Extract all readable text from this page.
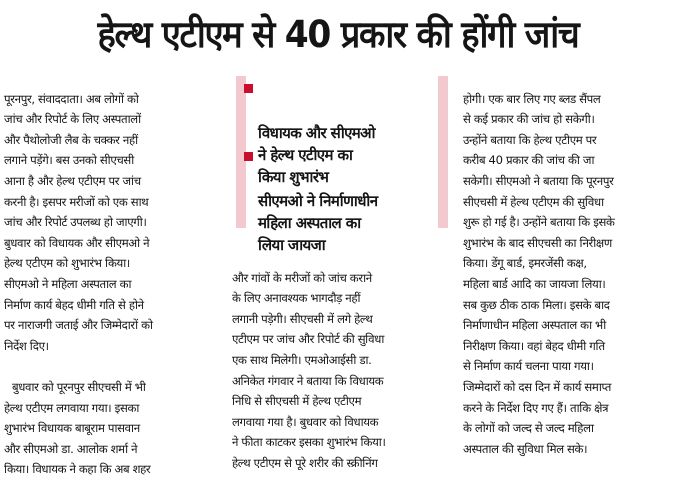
हेल्थ एटीएम से 40 प्रकार की होंगी जांच

पूरनपुर, संवाददाता। अब लोगों को
जांच और रिपोर्ट के लिए अस्पतालों
और पैथोलोजी लैब के चक्कर नहीं
लगाने पड़ेंगे। बस उनको सीएचसी
आना है और हेल्थ एटीएम पर जांच
करनी है। इसपर मरीजों को एक साथ
जांच और रिपोर्ट उपलब्ध हो जाएगी।
बुधवार को विधायक और सीएमओ ने
हेल्थ एटीएम को शुभारंभ किया।
सीएमओ ने महिला अस्पताल का
निर्माण कार्य बेहद धीमी गति से होने
पर नाराजगी जताई और जिम्मेदारों को
निर्देश दिए।

बुधवार को पूरनपुर सीएचसी में भी
हेल्थ एटीएम लगवाया गया। इसका
शुभारंभ विधायक बाबूराम पासवान
और सीएमओ डा. आलोक शर्मा ने
किया। विधायक ने कहा कि अब शहर

विधायक और सीएमओ
ने हेल्थ एटीएम का
किया शुभारंभ

सीएमओ ने निर्माणाधीन
महिला अस्पताल का
लिया जायजा

और गांवों के मरीजों को जांच कराने
के लिए अनावश्यक भागदौड़ नहीं
लगानी पड़ेगी। सीएचसी में लगे हेल्थ
एटीएम पर जांच और रिपोर्ट की सुविधा
एक साथ मिलेगी। एमओआईसी डा.
अनिकेत गंगवार ने बताया कि विधायक
निधि से सीएचसी में हेल्थ एटीएम
लगवाया गया है। बुधवार को विधायक
ने फीता काटकर इसका शुभारंभ किया।
हेल्थ एटीएम से पूरे शरीर की स्क्रीनिंग

होगी। एक बार लिए गए ब्लड सैंपल
से कई प्रकार की जांच हो सकेगी।
उन्होंने बताया कि हेल्थ एटीएम पर
करीब 40 प्रकार की जांच की जा
सकेगी। सीएमओ ने बताया कि पूरनपुर
सीएचसी में हेल्थ एटीएम की सुविधा
शुरू हो गई है। उन्होंने बताया कि इसके
शुभारंभ के बाद सीएचसी का निरीक्षण
किया। डेंगू बार्ड, इमरजेंसी कक्ष,
महिला बार्ड आदि का जायजा लिया।
सब कुछ ठीक ठाक मिला। इसके बाद
निर्माणाधीन महिला अस्पताल का भी
निरीक्षण किया। वहां बेहद धीमी गति
से निर्माण कार्य चलना पाया गया।
जिम्मेदारों को दस दिन में कार्य समाप्त
करने के निर्देश दिए गए हैं। ताकि क्षेत्र
के लोगों को जल्द से जल्द महिला
अस्पताल की सुविधा मिल सके।
